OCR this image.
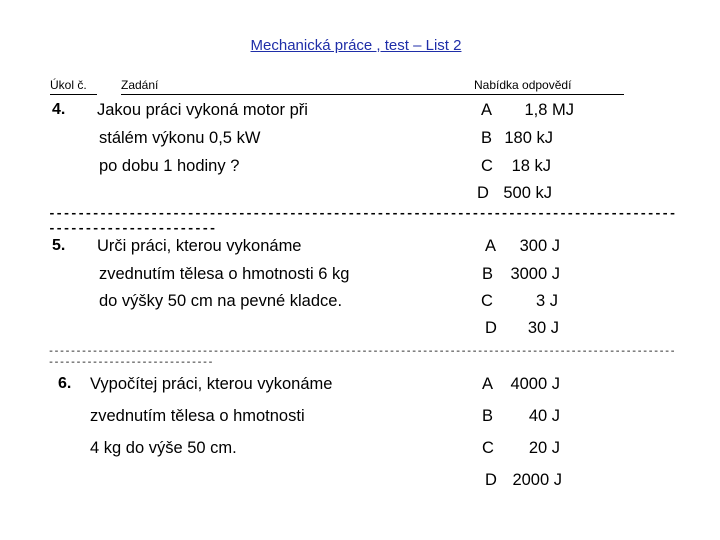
Mechanická práce , test – List 2
Úkol č.	Zadání	Nabídka odpovědí
4. Jakou práci vykoná motor při
stálém výkonu 0,5 kW
po dobu 1 hodiny ?
A 1,8 MJ
B 180 kJ
C 18 kJ
D 500 kJ
-------------------------------------------------------------------------------------------------------------
5. Urči práci, kterou vykonáme
zvednutím tělesa o hmotnosti 6 kg
do výšky 50 cm na pevné kladce.
A 300 J
B 3000 J
C	3 J
D 30 J
------------------------------------------------------------------------------------------------------------------------------------------------
6. Vypočítej práci, kterou vykonáme
zvednutím tělesa o hmotnosti
4 kg do výše 50 cm.
A 4000 J
B 40 J
C 20 J
D 2000 J
